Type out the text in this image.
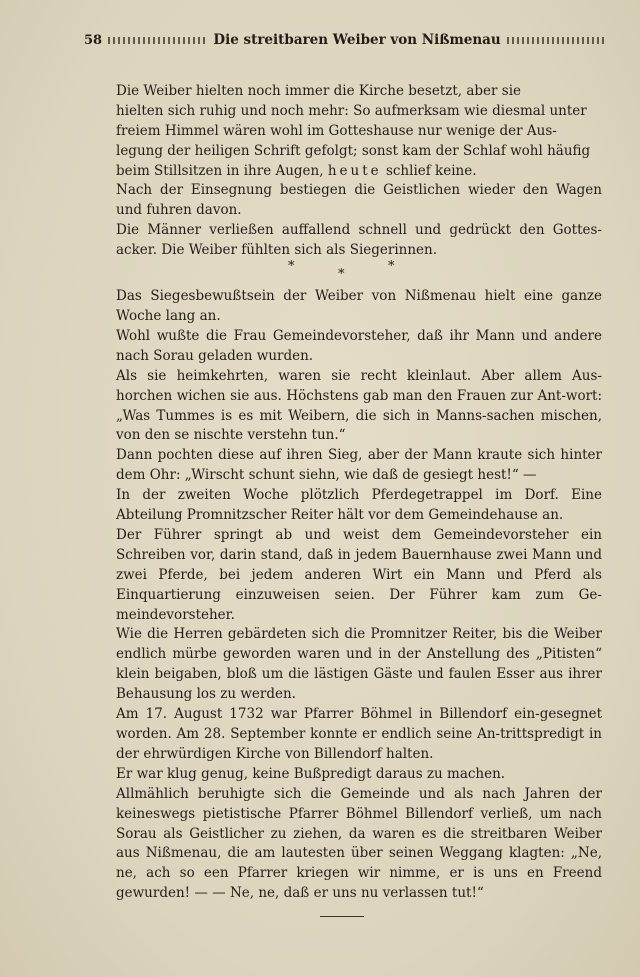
58	Die streitbaren Weiber von Nißmenau

Die Weiber hielten noch immer die Kirche besetzt, aber sie
hielten sich ruhig und noch mehr: So aufmerksam wie diesmal unter
freiem Himmel wären wohl im Gotteshause nur wenige der Aus-
legung der heiligen Schrift gefolgt; sonst kam der Schlaf wohl häufig
beim Stillsitzen in ihre Augen, heute schlief keine.

Nach der Einsegnung bestiegen die Geistlichen wieder den Wagen und fuhren davon.

Die Männer verließen auffallend schnell und gedrückt den Gottes-acker. Die Weiber fühlten sich als Siegerinnen.

*
*
*

Das Siegesbewußtsein der Weiber von Nißmenau hielt eine ganze Woche lang an.

Wohl wußte die Frau Gemeindevorsteher, daß ihr Mann und andere nach Sorau geladen wurden.

Als sie heimkehrten, waren sie recht kleinlaut. Aber allem Aus-horchen wichen sie aus. Höchstens gab man den Frauen zur Ant-wort: „Was Tummes is es mit Weibern, die sich in Manns-sachen mischen, von den se nischte verstehn tun.“

Dann pochten diese auf ihren Sieg, aber der Mann kraute sich hinter dem Ohr: „Wirscht schunt siehn, wie daß de gesiegt hest!“ —

In der zweiten Woche plötzlich Pferdegetrappel im Dorf. Eine Abteilung Promnitzscher Reiter hält vor dem Gemeindehause an.

Der Führer springt ab und weist dem Gemeindevorsteher ein Schreiben vor, darin stand, daß in jedem Bauernhause zwei Mann und zwei Pferde, bei jedem anderen Wirt ein Mann und Pferd als Einquartierung einzuweisen seien. Der Führer kam zum Ge-meindevorsteher.

Wie die Herren gebärdeten sich die Promnitzer Reiter, bis die Weiber endlich mürbe geworden waren und in der Anstellung des „Pitisten“ klein beigaben, bloß um die lästigen Gäste und faulen Esser aus ihrer Behausung los zu werden.

Am 17. August 1732 war Pfarrer Böhmel in Billendorf ein-gesegnet worden. Am 28. September konnte er endlich seine An-trittspredigt in der ehrwürdigen Kirche von Billendorf halten.

Er war klug genug, keine Bußpredigt daraus zu machen.

Allmählich beruhigte sich die Gemeinde und als nach Jahren der keineswegs pietistische Pfarrer Böhmel Billendorf verließ, um nach Sorau als Geistlicher zu ziehen, da waren es die streitbaren Weiber aus Nißmenau, die am lautesten über seinen Weggang klagten: „Ne, ne, ach so een Pfarrer kriegen wir nimme, er is uns en Freend gewurden! — — Ne, ne, daß er uns nu verlassen tut!“
